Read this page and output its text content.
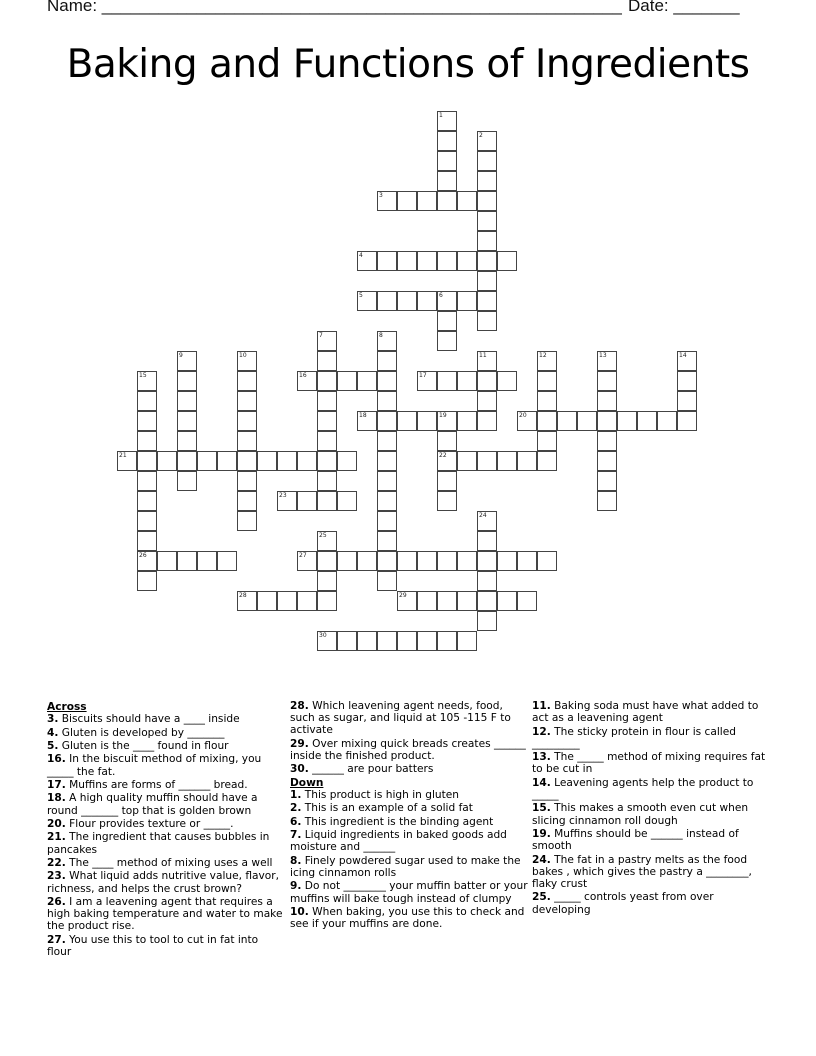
Name: _______________________________________________________ Date: _______
Baking and Functions of Ingredients
1
2
3
4
5	6
7	8
9	10	11	12	13	14
15
26
16	17
18	19
22
20
21
23
24
25
27
28	29
30
Across
3. Biscuits should have a ____ inside
4. Gluten is developed by _______
5. Gluten is the ____ found in flour
16. In the biscuit method of mixing, you _____ the fat.
17. Muffins are forms of ______ bread.
18. A high quality muffin should have a round _______ top that is golden brown
20. Flour provides texture or _____.
21. The ingredient that causes bubbles in pancakes
22. The ____ method of mixing uses a well
23. What liquid adds nutritive value, flavor, richness, and helps the crust brown?
26. I am a leavening agent that requires a high baking temperature and water to make the product rise.
27. You use this to tool to cut in fat into flour
28. Which leavening agent needs, food, such as sugar, and liquid at 105 -115 F to activate
29. Over mixing quick breads creates ______ inside the finished product.
30. ______ are pour batters
Down
1. This product is high in gluten
2. This is an example of a solid fat
6. This ingredient is the binding agent
7. Liquid ingredients in baked goods add moisture and ______
8. Finely powdered sugar used to make the icing cinnamon rolls
9. Do not ________ your muffin batter or your muffins will bake tough instead of clumpy
10. When baking, you use this to check and see if your muffins are done.
11. Baking soda must have what added to act as a leavening agent
12. The sticky protein in flour is called _________
13. The _____ method of mixing requires fat to be cut in
14. Leavening agents help the product to _____
15. This makes a smooth even cut when slicing cinnamon roll dough
19. Muffins should be ______ instead of smooth
24. The fat in a pastry melts as the food bakes , which gives the pastry a ________, flaky crust
25. _____ controls yeast from over developing
